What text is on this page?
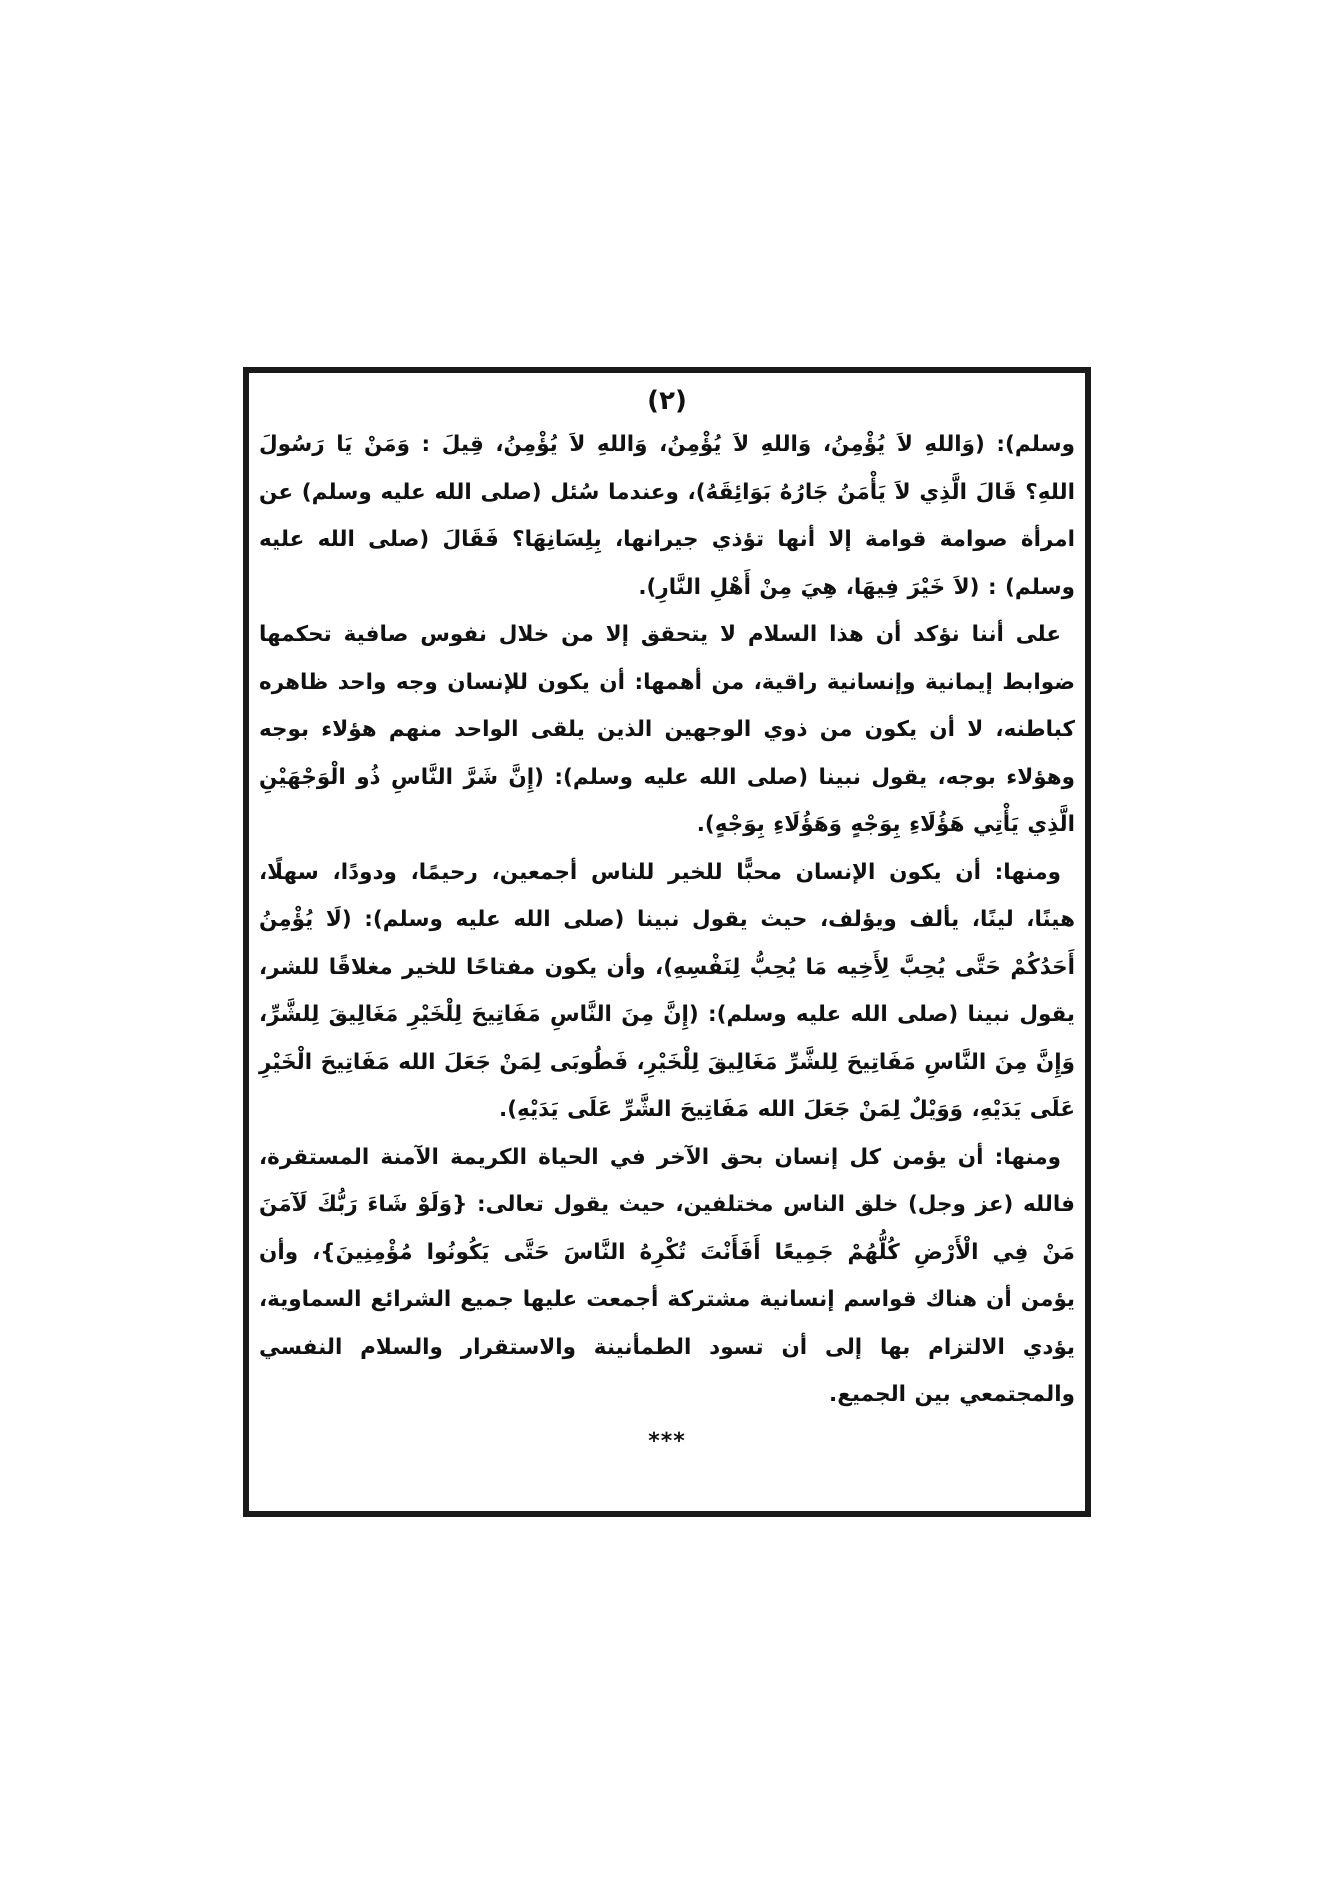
(٢)

وسلم): (وَاللهِ لاَ يُؤْمِنُ، وَاللهِ لاَ يُؤْمِنُ، وَاللهِ لاَ يُؤْمِنُ، قِيلَ : وَمَنْ يَا رَسُولَ اللهِ؟ قَالَ الَّذِي لاَ يَأْمَنُ جَارُهُ بَوَائِقَهُ)، وعندما سُئل (صلى الله عليه وسلم) عن امرأة صوامة قوامة إلا أنها تؤذي جيرانها، بِلِسَانِهَا؟ فَقَالَ (صلى الله عليه وسلم) : (لاَ خَيْرَ فِيهَا، هِيَ مِنْ أَهْلِ النَّارِ).

على أننا نؤكد أن هذا السلام لا يتحقق إلا من خلال نفوس صافية تحكمها ضوابط إيمانية وإنسانية راقية، من أهمها: أن يكون للإنسان وجه واحد ظاهره كباطنه، لا أن يكون من ذوي الوجهين الذين يلقى الواحد منهم هؤلاء بوجه وهؤلاء بوجه، يقول نبينا (صلى الله عليه وسلم): (إِنَّ شَرَّ النَّاسِ ذُو الْوَجْهَيْنِ الَّذِي يَأْتِي هَؤُلَاءِ بِوَجْهٍ وَهَؤُلَاءِ بِوَجْهٍ).

ومنها: أن يكون الإنسان محبًّا للخير للناس أجمعين، رحيمًا، ودودًا، سهلًا، هينًا، لينًا، يألف ويؤلف، حيث يقول نبينا (صلى الله عليه وسلم): (لَا يُؤْمِنُ أَحَدُكُمْ حَتَّى يُحِبَّ لِأَخِيه مَا يُحِبُّ لِنَفْسِهِ)، وأن يكون مفتاحًا للخير مغلاقًا للشر، يقول نبينا (صلى الله عليه وسلم): (إِنَّ مِنَ النَّاسِ مَفَاتِيحَ لِلْخَيْرِ مَغَالِيقَ لِلشَّرِّ، وَإِنَّ مِنَ النَّاسِ مَفَاتِيحَ لِلشَّرِّ مَغَالِيقَ لِلْخَيْرِ، فَطُوبَى لِمَنْ جَعَلَ الله مَفَاتِيحَ الْخَيْرِ عَلَى يَدَيْهِ، وَوَيْلٌ لِمَنْ جَعَلَ الله مَفَاتِيحَ الشَّرِّ عَلَى يَدَيْهِ).

ومنها: أن يؤمن كل إنسان بحق الآخر في الحياة الكريمة الآمنة المستقرة، فالله (عز وجل) خلق الناس مختلفين، حيث يقول تعالى: {وَلَوْ شَاءَ رَبُّكَ لَآمَنَ مَنْ فِي الْأَرْضِ كُلُّهُمْ جَمِيعًا أَفَأَنْتَ تُكْرِهُ النَّاسَ حَتَّى يَكُونُوا مُؤْمِنِينَ}، وأن يؤمن أن هناك قواسم إنسانية مشتركة أجمعت عليها جميع الشرائع السماوية، يؤدي الالتزام بها إلى أن تسود الطمأنينة والاستقرار والسلام النفسي والمجتمعي بين الجميع.

***
